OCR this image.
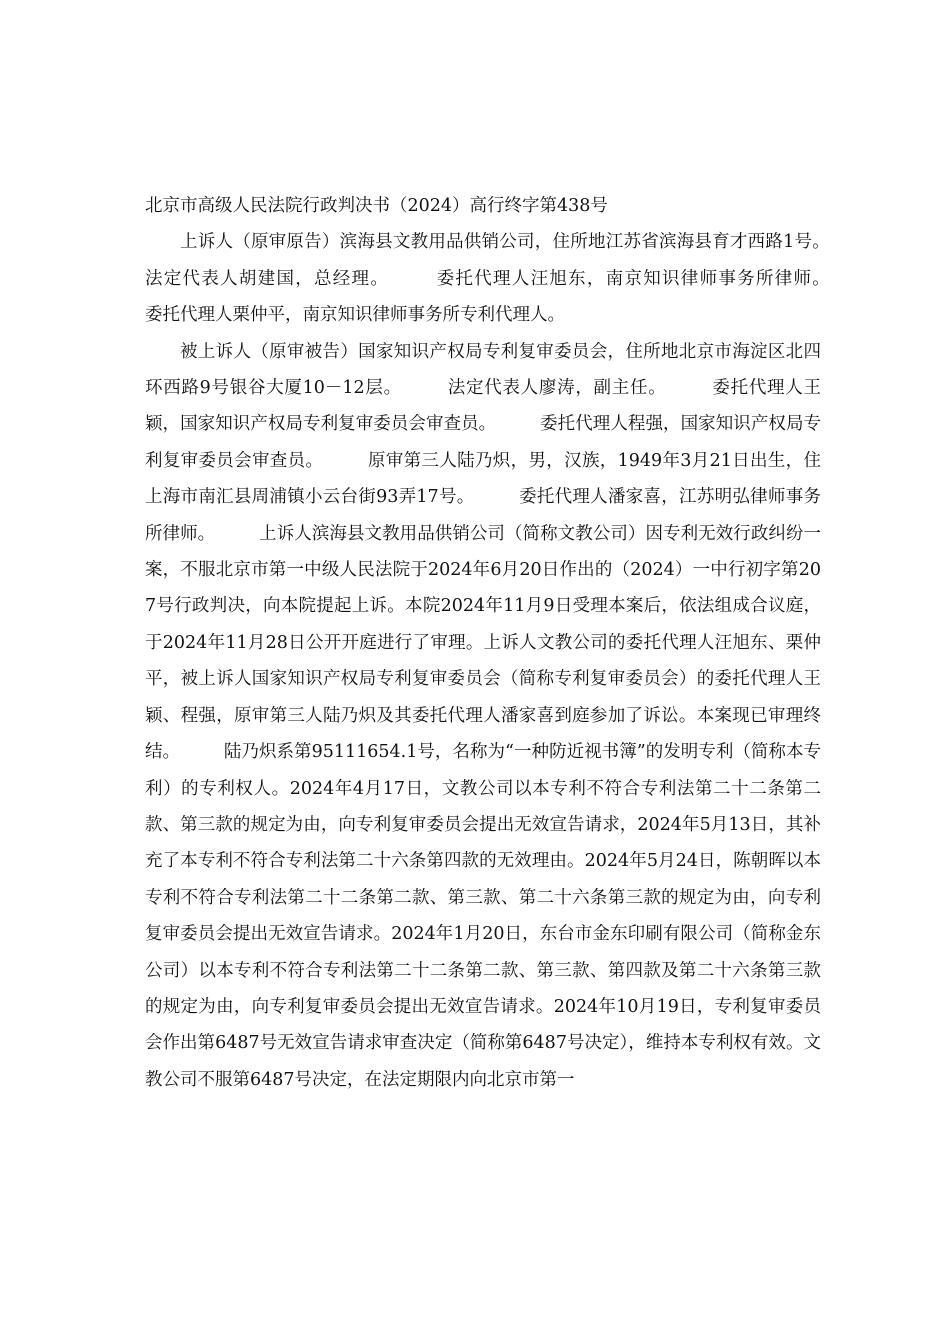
北京市高级人民法院行政判决书（2024）高行终字第438号

上诉人（原审原告）滨海县文教用品供销公司，住所地江苏省滨海县育才西路1号。　　　法定代表人胡建国，总经理。　　　委托代理人汪旭东，南京知识律师事务所律师。　　　委托代理人栗仲平，南京知识律师事务所专利代理人。

被上诉人（原审被告）国家知识产权局专利复审委员会，住所地北京市海淀区北四环西路9号银谷大厦10－12层。　　　法定代表人廖涛，副主任。　　　委托代理人王颖，国家知识产权局专利复审委员会审查员。　　　委托代理人程强，国家知识产权局专利复审委员会审查员。　　　原审第三人陆乃炽，男，汉族，1949年3月21日出生，住上海市南汇县周浦镇小云台街93弄17号。　　　委托代理人潘家喜，江苏明弘律师事务所律师。　　　上诉人滨海县文教用品供销公司（简称文教公司）因专利无效行政纠纷一案，不服北京市第一中级人民法院于2024年6月20日作出的（2024）一中行初字第207号行政判决，向本院提起上诉。本院2024年11月9日受理本案后，依法组成合议庭，于2024年11月28日公开开庭进行了审理。上诉人文教公司的委托代理人汪旭东、栗仲平，被上诉人国家知识产权局专利复审委员会（简称专利复审委员会）的委托代理人王颖、程强，原审第三人陆乃炽及其委托代理人潘家喜到庭参加了诉讼。本案现已审理终结。　　　陆乃炽系第95111654.1号，名称为“一种防近视书簿”的发明专利（简称本专利）的专利权人。2024年4月17日，文教公司以本专利不符合专利法第二十二条第二款、第三款的规定为由，向专利复审委员会提出无效宣告请求，2024年5月13日，其补充了本专利不符合专利法第二十六条第四款的无效理由。2024年5月24日，陈朝晖以本专利不符合专利法第二十二条第二款、第三款、第二十六条第三款的规定为由，向专利复审委员会提出无效宣告请求。2024年1月20日，东台市金东印刷有限公司（简称金东公司）以本专利不符合专利法第二十二条第二款、第三款、第四款及第二十六条第三款的规定为由，向专利复审委员会提出无效宣告请求。2024年10月19日，专利复审委员会作出第6487号无效宣告请求审查决定（简称第6487号决定），维持本专利权有效。文教公司不服第6487号决定，在法定期限内向北京市第一
